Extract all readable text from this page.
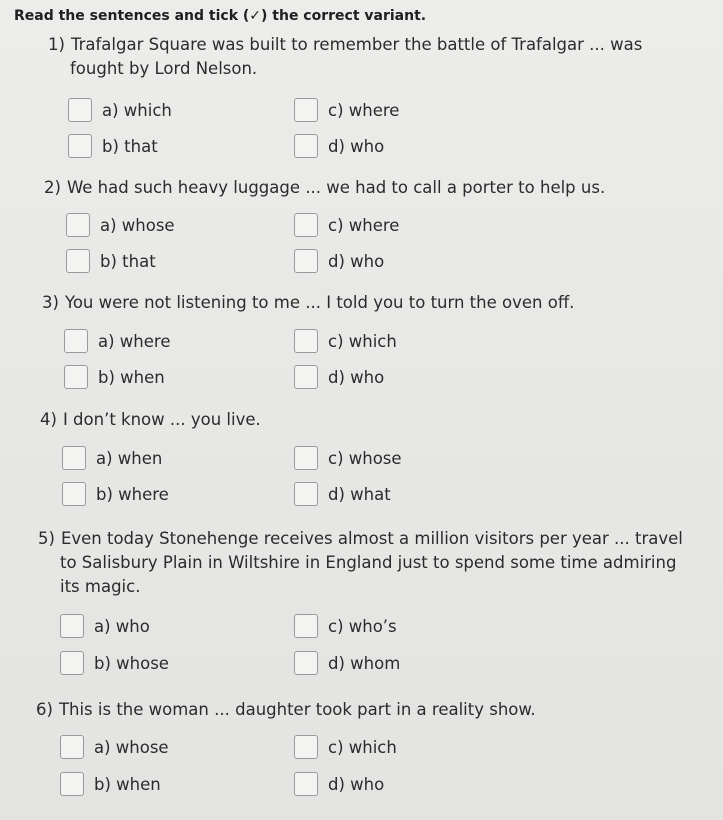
Read the sentences and tick (✓) the correct variant.
1) Trafalgar Square was built to remember the battle of Trafalgar ... was
fought by Lord Nelson.
a) which
b) that
c) where
d) who
2) We had such heavy luggage ... we had to call a porter to help us.
a) whose
b) that
c) where
d) who
3) You were not listening to me ... I told you to turn the oven off.
a) where
b) when
c) which
d) who
4) I don’t know ... you live.
a) when
b) where
c) whose
d) what
5) Even today Stonehenge receives almost a million visitors per year ... travel
to Salisbury Plain in Wiltshire in England just to spend some time admiring
its magic.
a) who
b) whose
c) who’s
d) whom
6) This is the woman ... daughter took part in a reality show.
a) whose
b) when
c) which
d) who
